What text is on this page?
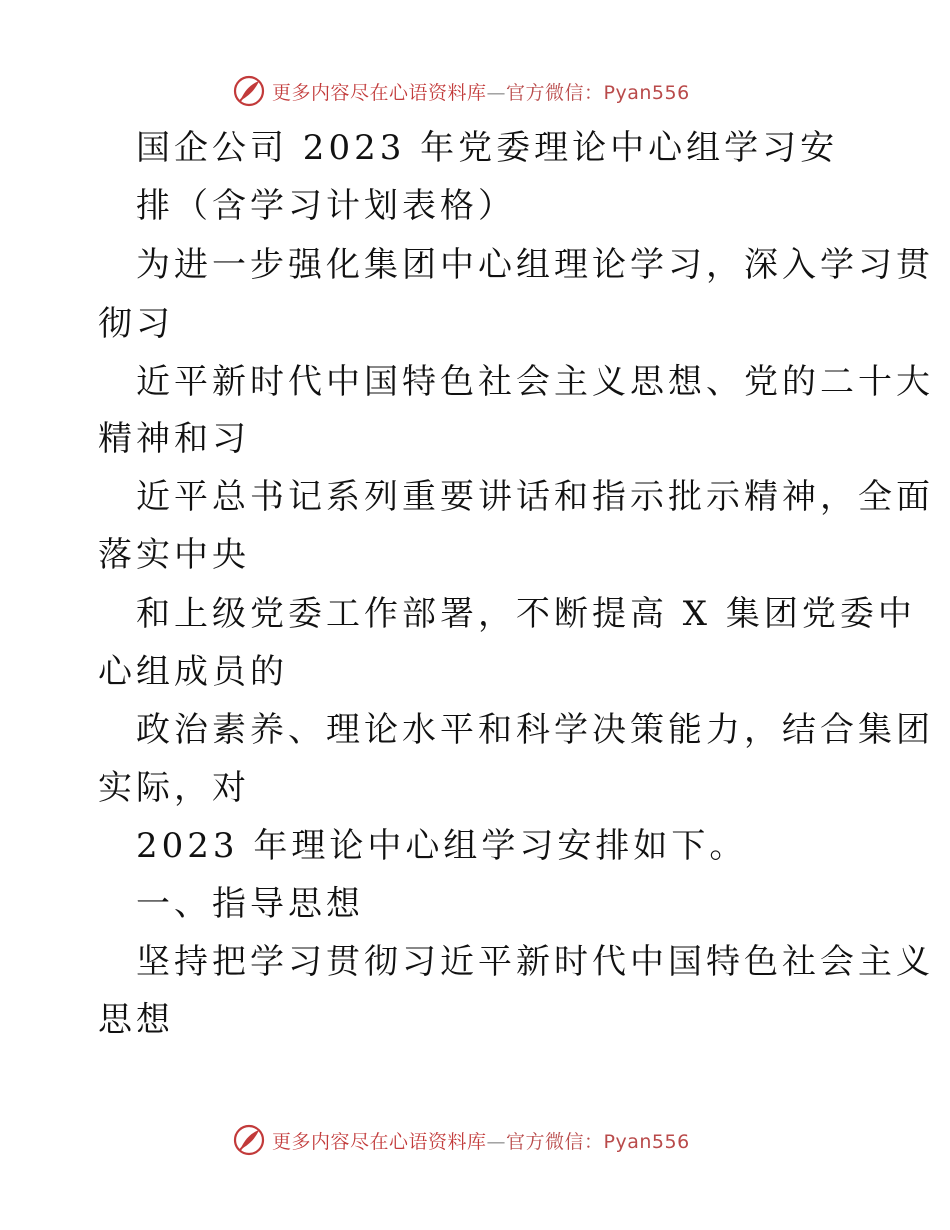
更多内容尽在心语资料库—官方微信：Pyan556
国企公司 2023 年党委理论中心组学习安
排（含学习计划表格）
为进一步强化集团中心组理论学习，深入学习贯
彻习
近平新时代中国特色社会主义思想、党的二十大
精神和习
近平总书记系列重要讲话和指示批示精神，全面
落实中央
和上级党委工作部署，不断提高 X 集团党委中
心组成员的
政治素养、理论水平和科学决策能力，结合集团
实际，对
2023 年理论中心组学习安排如下。
一、指导思想
坚持把学习贯彻习近平新时代中国特色社会主义
思想
更多内容尽在心语资料库—官方微信：Pyan556
